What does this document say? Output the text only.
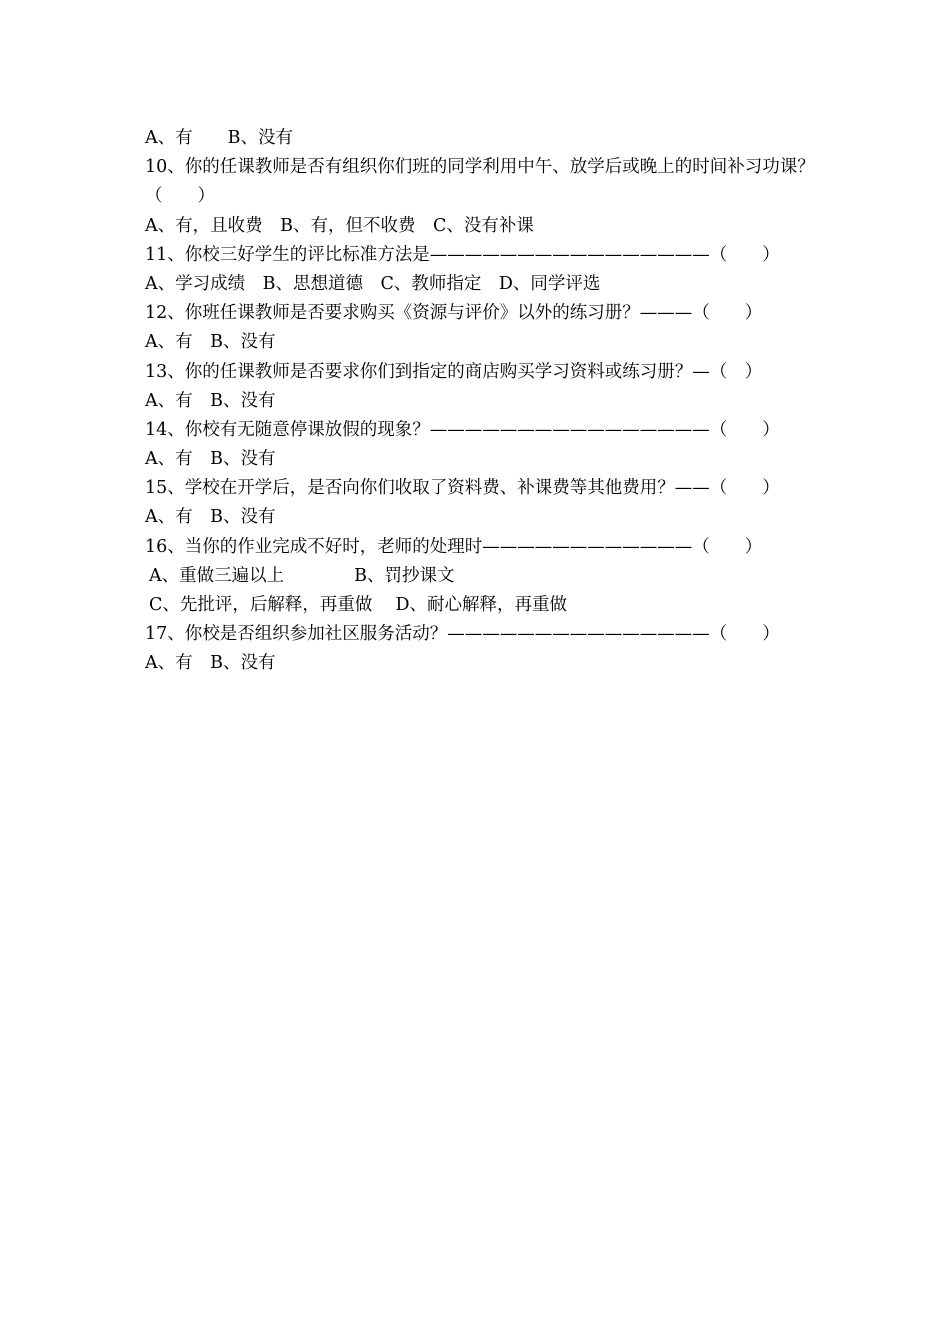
A、有　　B、没有
10、你的任课教师是否有组织你们班的同学利用中午、放学后或晚上的时间补习功课？（　　）
A、有，且收费　B、有，但不收费　C、没有补课
11、你校三好学生的评比标准方法是————————————————（　　）
A、学习成绩　B、思想道德　C、教师指定　D、同学评选
12、你班任课教师是否要求购买《资源与评价》以外的练习册？———（　　）
A、有　B、没有
13、你的任课教师是否要求你们到指定的商店购买学习资料或练习册？—（　）
A、有　B、没有
14、你校有无随意停课放假的现象？————————————————（　　）
A、有　B、没有
15、学校在开学后，是否向你们收取了资料费、补课费等其他费用？——（　　）
A、有　B、没有
16、当你的作业完成不好时，老师的处理时————————————（　　）
A、重做三遍以上　　　　B、罚抄课文
C、先批评，后解释，再重做　 D、耐心解释，再重做
17、你校是否组织参加社区服务活动？———————————————（　　）
A、有　B、没有
